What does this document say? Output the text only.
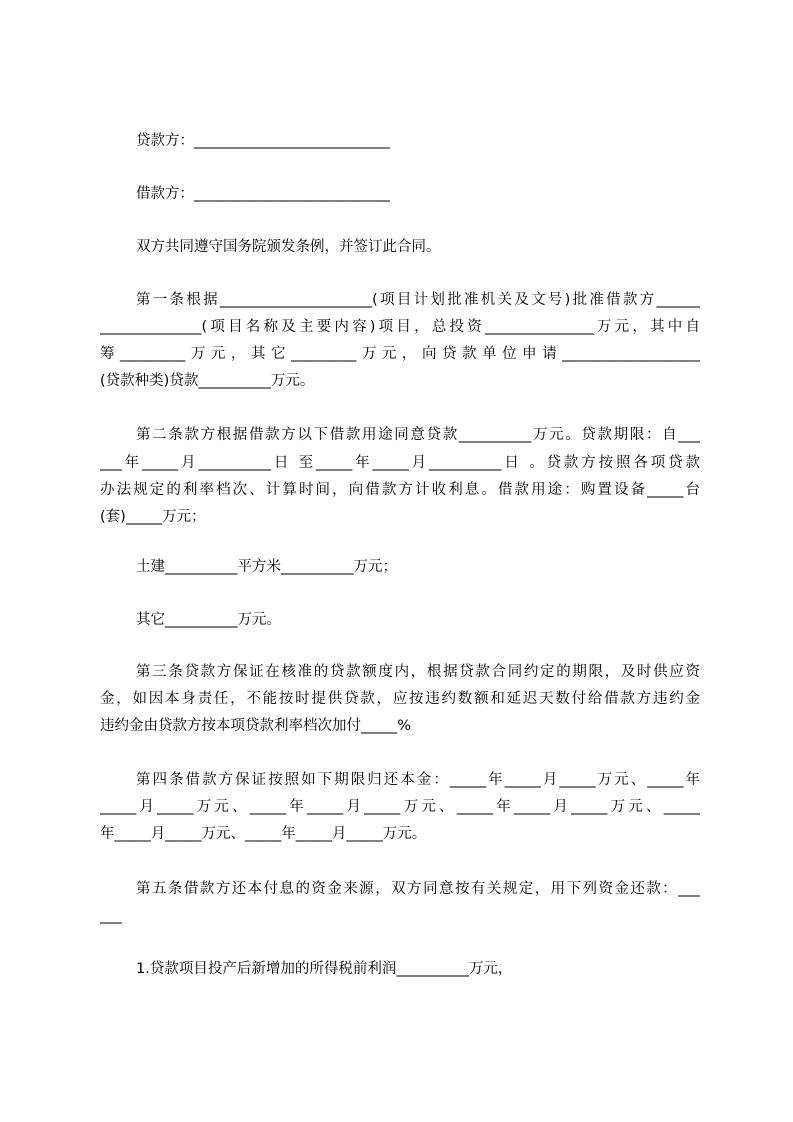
贷款方：___________________________

借款方：___________________________

双方共同遵守国务院颁发条例，并签订此合同。

第一条根据_____________________(项目计划批准机关及文号)批准借款方______

______________(项目名称及主要内容)项目，总投资_______________万元，其中自

筹_________万元，其它_________万元，向贷款单位申请___________________

(贷款种类)贷款__________万元。

第二条款方根据借款方以下借款用途同意贷款__________万元。贷款期限：自___

___年_____月__________日 至_____年_____月__________日 。贷款方按照各项贷款

办法规定的利率档次、计算时间，向借款方计收利息。借款用途：购置设备_____台

(套)_____万元；

土建__________平方米__________万元；

其它__________万元。

第三条贷款方保证在核准的贷款额度内，根据贷款合同约定的期限，及时供应资

金，如因本身责任，不能按时提供贷款，应按违约数额和延迟天数付给借款方违约金

违约金由贷款方按本项贷款利率档次加付_____%

第四条借款方保证按照如下期限归还本金：_____年_____月_____万元、_____年

_____月_____万元、_____年_____月_____万元、_____年_____月_____万元、_____

年_____月_____万元、_____年_____月_____万元。

第五条借款方还本付息的资金来源，双方同意按有关规定，用下列资金还款：___

___

1.贷款项目投产后新增加的所得税前利润__________万元，
